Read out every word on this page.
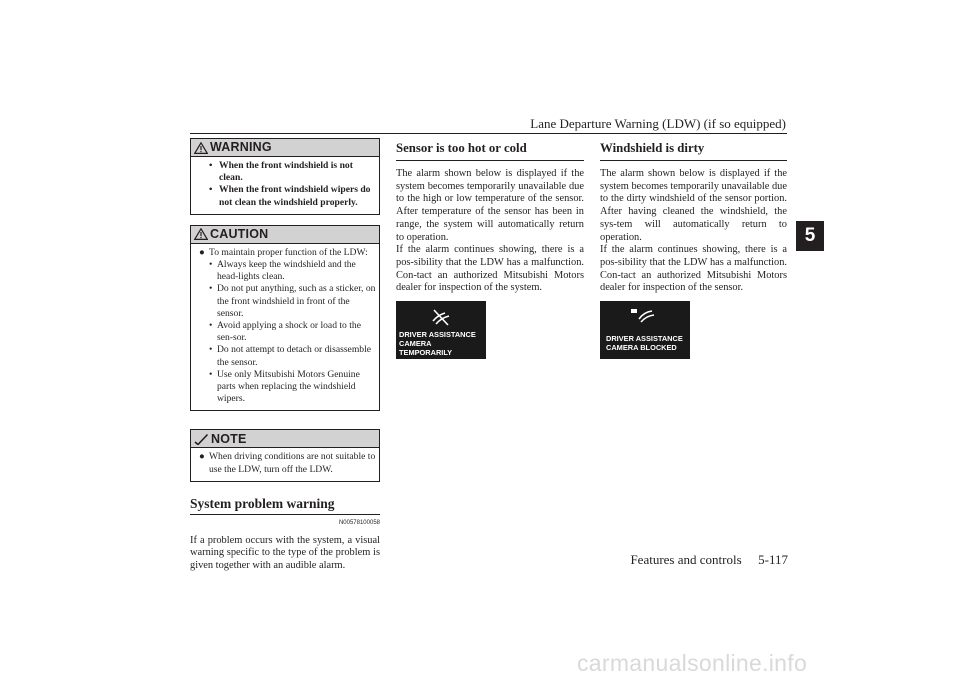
Lane Departure Warning (LDW) (if so equipped)
5
WARNING
• When the front windshield is not clean.
• When the front windshield wipers do not clean the windshield properly.
CAUTION
● To maintain proper function of the LDW:
• Always keep the windshield and the head-lights clean.
• Do not put anything, such as a sticker, on the front windshield in front of the sensor.
• Avoid applying a shock or load to the sen-sor.
• Do not attempt to detach or disassemble the sensor.
• Use only Mitsubishi Motors Genuine parts when replacing the windshield wipers.
NOTE
● When driving conditions are not suitable to use the LDW, turn off the LDW.
System problem warning
N00578100058
If a problem occurs with the system, a visual warning specific to the type of the problem is given together with an audible alarm.
Sensor is too hot or cold
The alarm shown below is displayed if the system becomes temporarily unavailable due to the high or low temperature of the sensor. After temperature of the sensor has been in range, the system will automatically return to operation.
If the alarm continues showing, there is a pos-sibility that the LDW has a malfunction. Con-tact an authorized Mitsubishi Motors dealer for inspection of the system.
DRIVER ASSISTANCE
CAMERA TEMPORARILY
NOT AVAILABLE
Windshield is dirty
The alarm shown below is displayed if the system becomes temporarily unavailable due to the dirty windshield of the sensor portion. After having cleaned the windshield, the sys-tem will automatically return to operation.
If the alarm continues showing, there is a pos-sibility that the LDW has a malfunction. Con-tact an authorized Mitsubishi Motors dealer for inspection of the sensor.
DRIVER ASSISTANCE
CAMERA BLOCKED
Features and controls 5-117
carmanualsonline.info
